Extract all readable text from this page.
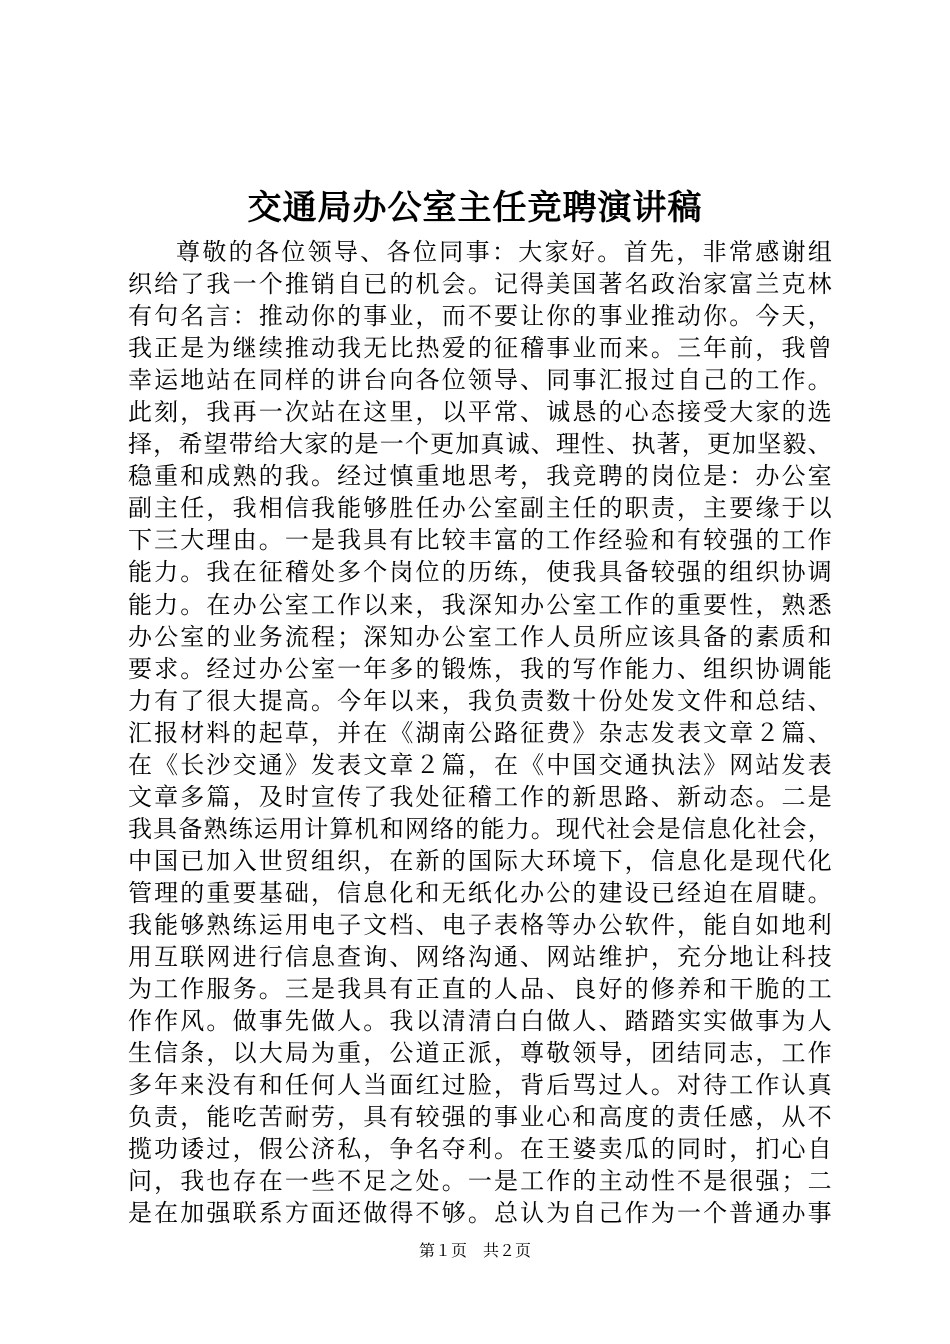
交通局办公室主任竞聘演讲稿
尊 敬 的 各 位 领 导 、 各 位 同 事 ： 大 家 好 。 首 先 ， 非 常 感 谢 组
织 给 了 我 一 个 推 销 自 已 的 机 会 。 记 得 美 国 著 名 政 治 家 富 兰 克 林
有 句 名 言 ： 推 动 你 的 事 业 ， 而 不 要 让 你 的 事 业 推 动 你 。 今 天 ，
我 正 是 为 继 续 推 动 我 无 比 热 爱 的 征 稽 事 业 而 来 。 三 年 前 ， 我 曾
幸 运 地 站 在 同 样 的 讲 台 向 各 位 领 导 、 同 事 汇 报 过 自 己 的 工 作 。
此 刻 ， 我 再 一 次 站 在 这 里 ， 以 平 常 、 诚 恳 的 心 态 接 受 大 家 的 选
择 ， 希 望 带 给 大 家 的 是 一 个 更 加 真 诚 、 理 性 、 执 著 ， 更 加 坚 毅 、
稳 重 和 成 熟 的 我 。 经 过 慎 重 地 思 考 ， 我 竞 聘 的 岗 位 是 ： 办 公 室
副 主 任 ， 我 相 信 我 能 够 胜 任 办 公 室 副 主 任 的 职 责 ， 主 要 缘 于 以
下 三 大 理 由 。 一 是 我 具 有 比 较 丰 富 的 工 作 经 验 和 有 较 强 的 工 作
能 力 。 我 在 征 稽 处 多 个 岗 位 的 历 练 ， 使 我 具 备 较 强 的 组 织 协 调
能 力 。 在 办 公 室 工 作 以 来 ， 我 深 知 办 公 室 工 作 的 重 要 性 ， 熟 悉
办 公 室 的 业 务 流 程 ； 深 知 办 公 室 工 作 人 员 所 应 该 具 备 的 素 质 和
要 求 。 经 过 办 公 室 一 年 多 的 锻 炼 ， 我 的 写 作 能 力 、 组 织 协 调 能
力 有 了 很 大 提 高 。 今 年 以 来 ， 我 负 责 数 十 份 处 发 文 件 和 总 结 、
汇 报 材 料 的 起 草 ， 并 在 《 湖 南 公 路 征 费 》 杂 志 发 表 文 章 ２ 篇 、
在 《 长 沙 交 通 》 发 表 文 章 ２ 篇 ， 在 《 中 国 交 通 执 法 》 网 站 发 表
文 章 多 篇 ， 及 时 宣 传 了 我 处 征 稽 工 作 的 新 思 路 、 新 动 态 。 二 是
我 具 备 熟 练 运 用 计 算 机 和 网 络 的 能 力 。 现 代 社 会 是 信 息 化 社 会 ，
中 国 已 加 入 世 贸 组 织 ， 在 新 的 国 际 大 环 境 下 ， 信 息 化 是 现 代 化
管 理 的 重 要 基 础 ， 信 息 化 和 无 纸 化 办 公 的 建 设 已 经 迫 在 眉 睫 。
我 能 够 熟 练 运 用 电 子 文 档 、 电 子 表 格 等 办 公 软 件 ， 能 自 如 地 利
用 互 联 网 进 行 信 息 查 询 、 网 络 沟 通 、 网 站 维 护 ， 充 分 地 让 科 技
为 工 作 服 务 。 三 是 我 具 有 正 直 的 人 品 、 良 好 的 修 养 和 干 脆 的 工
作 作 风 。 做 事 先 做 人 。 我 以 清 清 白 白 做 人 、 踏 踏 实 实 做 事 为 人
生 信 条 ， 以 大 局 为 重 ， 公 道 正 派 ， 尊 敬 领 导 ， 团 结 同 志 ， 工 作
多 年 来 没 有 和 任 何 人 当 面 红 过 脸 ， 背 后 骂 过 人 。 对 待 工 作 认 真
负 责 ， 能 吃 苦 耐 劳 ， 具 有 较 强 的 事 业 心 和 高 度 的 责 任 感 ， 从 不
揽 功 诿 过 ， 假 公 济 私 ， 争 名 夺 利 。 在 王 婆 卖 瓜 的 同 时 ， 扪 心 自
问 ， 我 也 存 在 一 些 不 足 之 处 。 一 是 工 作 的 主 动 性 不 是 很 强 ； 二
是 在 加 强 联 系 方 面 还 做 得 不 够 。 总 认 为 自 己 作 为 一 个 普 通 办 事
第１页　共２页
